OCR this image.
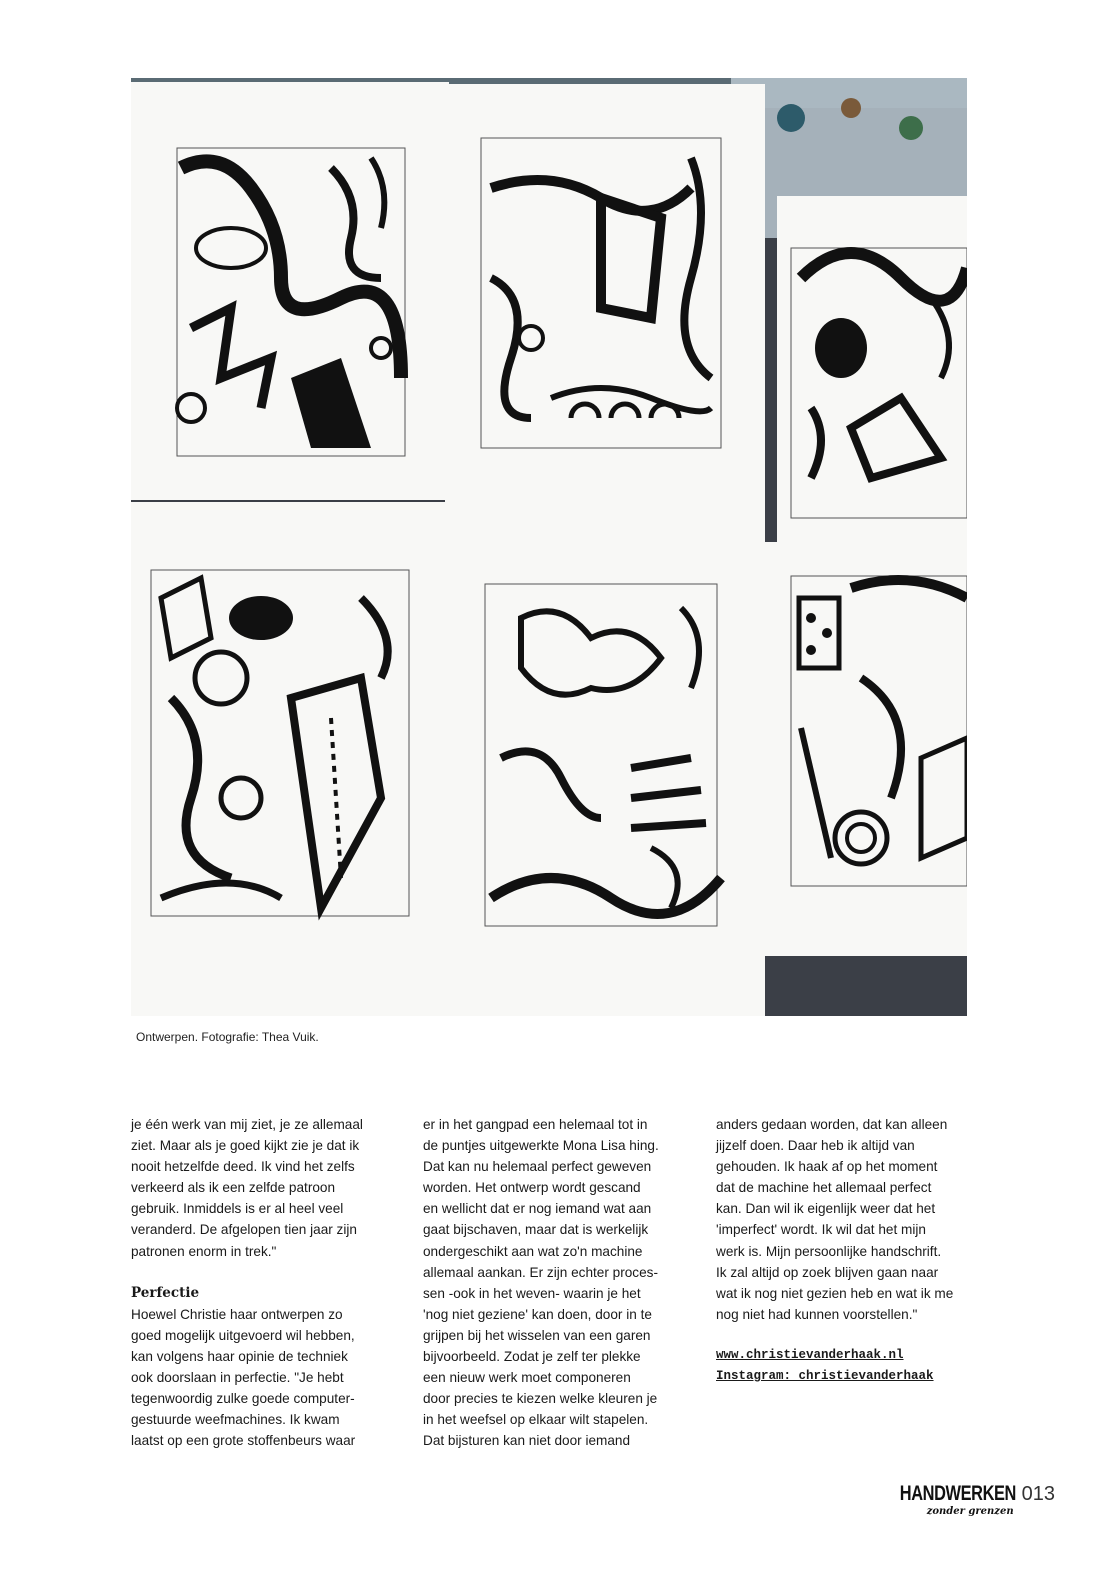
Ontwerpen. Fotografie: Thea Vuik.

je één werk van mij ziet, je ze allemaal
ziet. Maar als je goed kijkt zie je dat ik
nooit hetzelfde deed. Ik vind het zelfs
verkeerd als ik een zelfde patroon
gebruik. Inmiddels is er al heel veel
veranderd. De afgelopen tien jaar zijn
patronen enorm in trek."

Perfectie

Hoewel Christie haar ontwerpen zo
goed mogelijk uitgevoerd wil hebben,
kan volgens haar opinie de techniek
ook doorslaan in perfectie. "Je hebt
tegenwoordig zulke goede computer-
gestuurde weefmachines. Ik kwam
laatst op een grote stoffenbeurs waar

er in het gangpad een helemaal tot in
de puntjes uitgewerkte Mona Lisa hing.
Dat kan nu helemaal perfect geweven
worden. Het ontwerp wordt gescand
en wellicht dat er nog iemand wat aan
gaat bijschaven, maar dat is werkelijk
ondergeschikt aan wat zo'n machine
allemaal aankan. Er zijn echter proces-
sen -ook in het weven- waarin je het
'nog niet geziene' kan doen, door in te
grijpen bij het wisselen van een garen
bijvoorbeeld. Zodat je zelf ter plekke
een nieuw werk moet componeren
door precies te kiezen welke kleuren je
in het weefsel op elkaar wilt stapelen.
Dat bijsturen kan niet door iemand

anders gedaan worden, dat kan alleen
jijzelf doen. Daar heb ik altijd van
gehouden. Ik haak af op het moment
dat de machine het allemaal perfect
kan. Dan wil ik eigenlijk weer dat het
'imperfect' wordt. Ik wil dat het mijn
werk is. Mijn persoonlijke handschrift.
Ik zal altijd op zoek blijven gaan naar
wat ik nog niet gezien heb en wat ik me
nog niet had kunnen voorstellen."

www.christievanderhaak.nl
Instagram: christievanderhaak
HANDWERKEN
zonder grenzen
013
